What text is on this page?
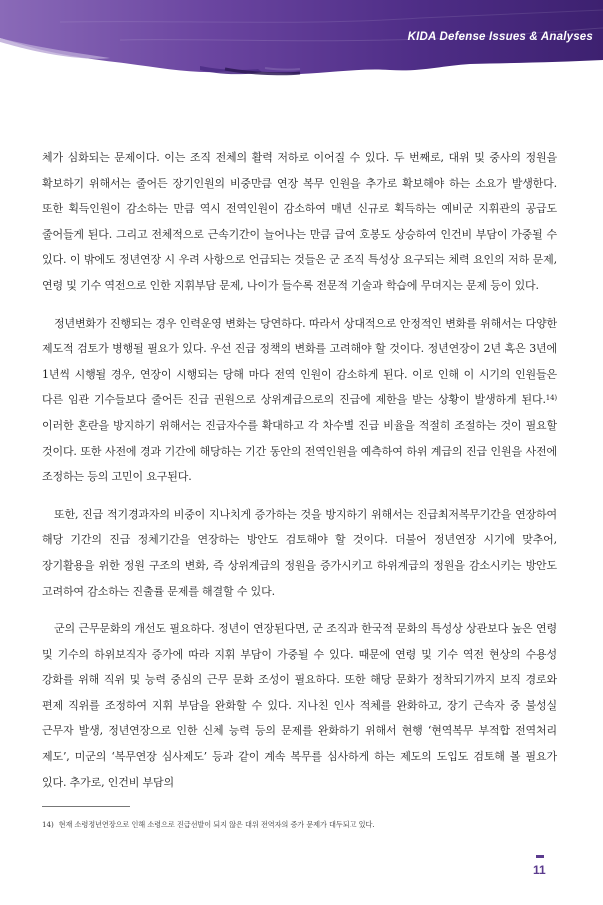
KIDA Defense Issues & Analyses

체가 심화되는 문제이다. 이는 조직 전체의 활력 저하로 이어질 수 있다. 두 번째로, 대위 및 중사의 정원을 확보하기 위해서는 줄어든 장기인원의 비중만큼 연장 복무 인원을 추가로 확보해야 하는 소요가 발생한다. 또한 획득인원이 감소하는 만큼 역시 전역인원이 감소하여 매년 신규로 획득하는 예비군 지휘관의 공급도 줄어들게 된다. 그리고 전체적으로 근속기간이 늘어나는 만큼 급여 호봉도 상승하여 인건비 부담이 가중될 수 있다. 이 밖에도 정년연장 시 우려 사항으로 언급되는 것들은 군 조직 특성상 요구되는 체력 요인의 저하 문제, 연령 및 기수 역전으로 인한 지휘부담 문제, 나이가 들수록 전문적 기술과 학습에 무뎌지는 문제 등이 있다.

정년변화가 진행되는 경우 인력운영 변화는 당연하다. 따라서 상대적으로 안정적인 변화를 위해서는 다양한 제도적 검토가 병행될 필요가 있다. 우선 진급 정책의 변화를 고려해야 할 것이다. 정년연장이 2년 혹은 3년에 1년씩 시행될 경우, 연장이 시행되는 당해 마다 전역 인원이 감소하게 된다. 이로 인해 이 시기의 인원들은 다른 임관 기수들보다 줄어든 진급 권원으로 상위계급으로의 진급에 제한을 받는 상황이 발생하게 된다.$^{14)}$ 이러한 혼란을 방지하기 위해서는 진급자수를 확대하고 각 차수별 진급 비율을 적절히 조절하는 것이 필요할 것이다. 또한 사전에 경과 기간에 해당하는 기간 동안의 전역인원을 예측하여 하위 계급의 진급 인원을 사전에 조정하는 등의 고민이 요구된다.

또한, 진급 적기경과자의 비중이 지나치게 증가하는 것을 방지하기 위해서는 진급최저복무기간을 연장하여 해당 기간의 진급 정체기간을 연장하는 방안도 검토해야 할 것이다. 더불어 정년연장 시기에 맞추어, 장기활용을 위한 정원 구조의 변화, 즉 상위계급의 정원을 증가시키고 하위계급의 정원을 감소시키는 방안도 고려하여 감소하는 진출률 문제를 해결할 수 있다.

군의 근무문화의 개선도 필요하다. 정년이 연장된다면, 군 조직과 한국적 문화의 특성상 상관보다 높은 연령 및 기수의 하위보직자 증가에 따라 지휘 부담이 가중될 수 있다. 때문에 연령 및 기수 역전 현상의 수용성 강화를 위해 직위 및 능력 중심의 근무 문화 조성이 필요하다. 또한 해당 문화가 정착되기까지 보직 경로와 편제 직위를 조정하여 지휘 부담을 완화할 수 있다. 지나친 인사 적체를 완화하고, 장기 근속자 중 불성실 근무자 발생, 정년연장으로 인한 신체 능력 등의 문제를 완화하기 위해서 현행 ‘현역복무 부적합 전역처리 제도’, 미군의 ‘복무연장 심사제도’ 등과 같이 계속 복무를 심사하게 하는 제도의 도입도 검토해 볼 필요가 있다. 추가로, 인건비 부담의

14) 현재 소령정년연장으로 인해 소령으로 진급선발이 되지 않은 대위 전역자의 증가 문제가 대두되고 있다.
11
